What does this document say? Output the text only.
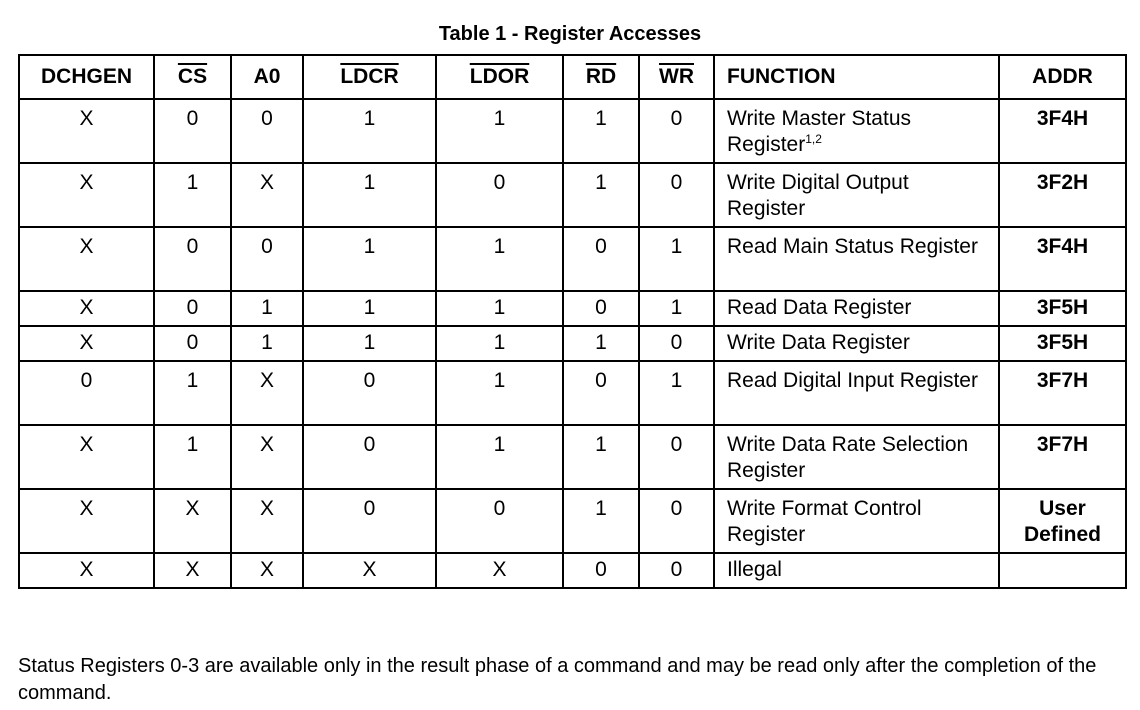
Table 1 - Register Accesses
DCHGEN	$\overline{CS}$	A0	LDCR	LDOR	$\overline{RD}$	$\overline{WR}$	FUNCTION	ADDR
X	0	0	1	1	1	0	Write Master Status Register$^{1,2}$	3F4H
X	1	X	1	0	1	0	Write Digital Output Register	3F2H
X	0	0	1	1	0	1	Read Main Status Register	3F4H
X	0	1	1	1	0	1	Read Data Register	3F5H
X	0	1	1	1	1	0	Write Data Register	3F5H
0	1	X	0	1	0	1	Read Digital Input Register	3F7H
X	1	X	0	1	1	0	Write Data Rate Selection Register	3F7H
X	X	X	0	0	1	0	Write Format Control Register	User Defined
X	X	X	X	X	0	0	Illegal	
Status Registers 0-3 are available only in the result phase of a command and may be read only after the completion of the command.
